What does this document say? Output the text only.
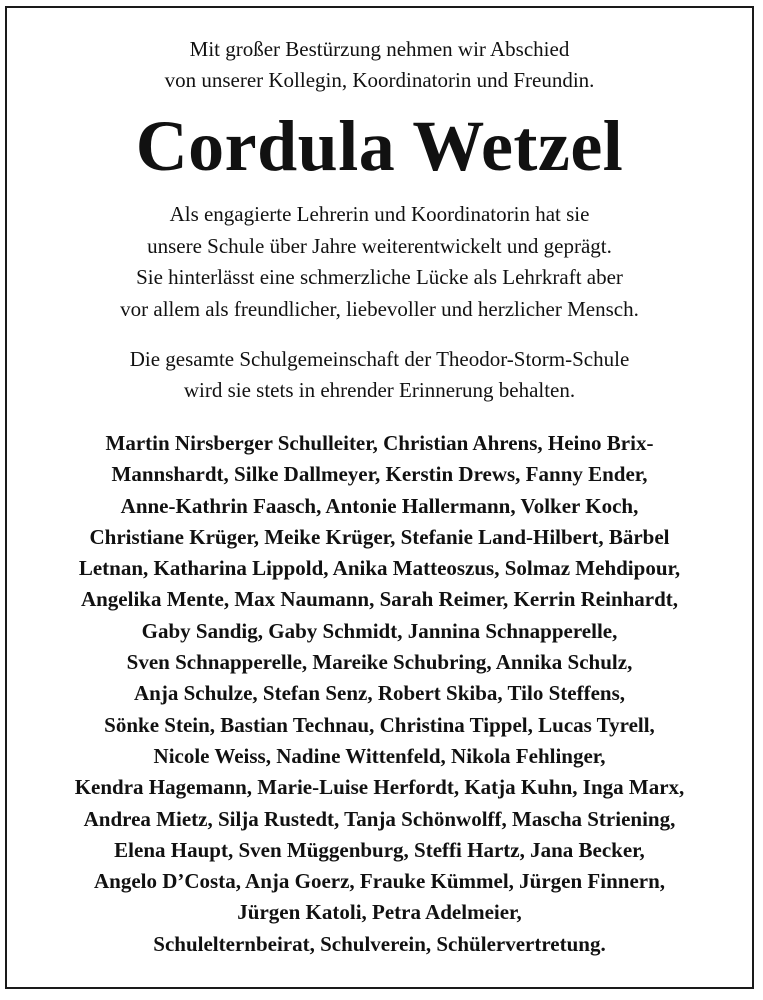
Mit großer Bestürzung nehmen wir Abschied
von unserer Kollegin, Koordinatorin und Freundin.
Cordula Wetzel
Als engagierte Lehrerin und Koordinatorin hat sie
unsere Schule über Jahre weiterentwickelt und geprägt.
Sie hinterlässt eine schmerzliche Lücke als Lehrkraft aber
vor allem als freundlicher, liebevoller und herzlicher Mensch.
Die gesamte Schulgemeinschaft der Theodor-Storm-Schule
wird sie stets in ehrender Erinnerung behalten.
Martin Nirsberger Schulleiter, Christian Ahrens, Heino Brix-
Mannshardt, Silke Dallmeyer, Kerstin Drews, Fanny Ender,
Anne-Kathrin Faasch, Antonie Hallermann, Volker Koch,
Christiane Krüger, Meike Krüger, Stefanie Land-Hilbert, Bärbel
Letnan, Katharina Lippold, Anika Matteoszus, Solmaz Mehdipour,
Angelika Mente, Max Naumann, Sarah Reimer, Kerrin Reinhardt,
Gaby Sandig, Gaby Schmidt, Jannina Schnapperelle,
Sven Schnapperelle, Mareike Schubring, Annika Schulz,
Anja Schulze, Stefan Senz, Robert Skiba, Tilo Steffens,
Sönke Stein, Bastian Technau, Christina Tippel, Lucas Tyrell,
Nicole Weiss, Nadine Wittenfeld, Nikola Fehlinger,
Kendra Hagemann, Marie-Luise Herfordt, Katja Kuhn, Inga Marx,
Andrea Mietz, Silja Rustedt, Tanja Schönwolff, Mascha Striening,
Elena Haupt, Sven Müggenburg, Steffi Hartz, Jana Becker,
Angelo D’Costa, Anja Goerz, Frauke Kümmel, Jürgen Finnern,
Jürgen Katoli, Petra Adelmeier,
Schulelternbeirat, Schulverein, Schülervertretung.
